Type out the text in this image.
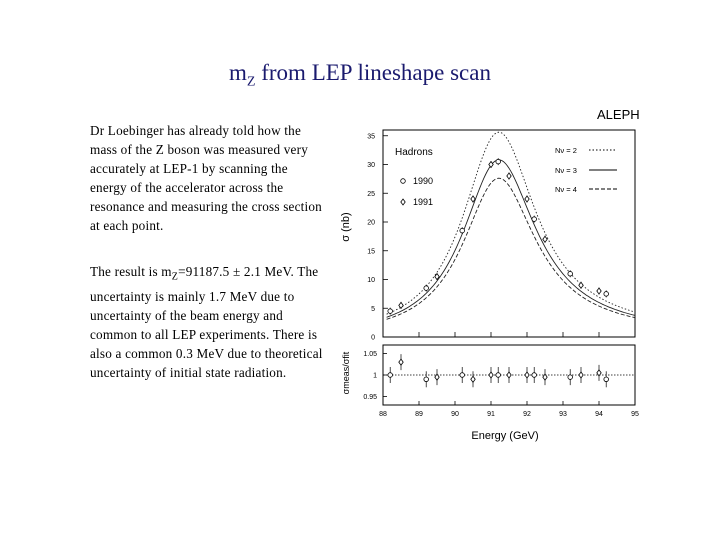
$m_Z$ from LEP lineshape scan
Dr Loebinger has already told how the mass of the Z boson was measured very accurately at LEP-1 by scanning the energy of the accelerator across the resonance and measuring the cross section at each point.
The result is $m_Z=91187.5 \pm 2.1$ MeV. The uncertainty is mainly 1.7 MeV due to uncertainty of the beam energy and common to all LEP experiments. There is also a common 0.3 MeV due to theoretical uncertainty of initial state radiation.
0
5
10
15
20
25
30
35
Nν = 2
Nν = 3
Nν = 4
1990
1991
88	89	90	91	92	93	94	95
0.95
1
1.05
ALEPH
Hadrons
Energy (GeV)
σ (nb)
σmeas/σfit
